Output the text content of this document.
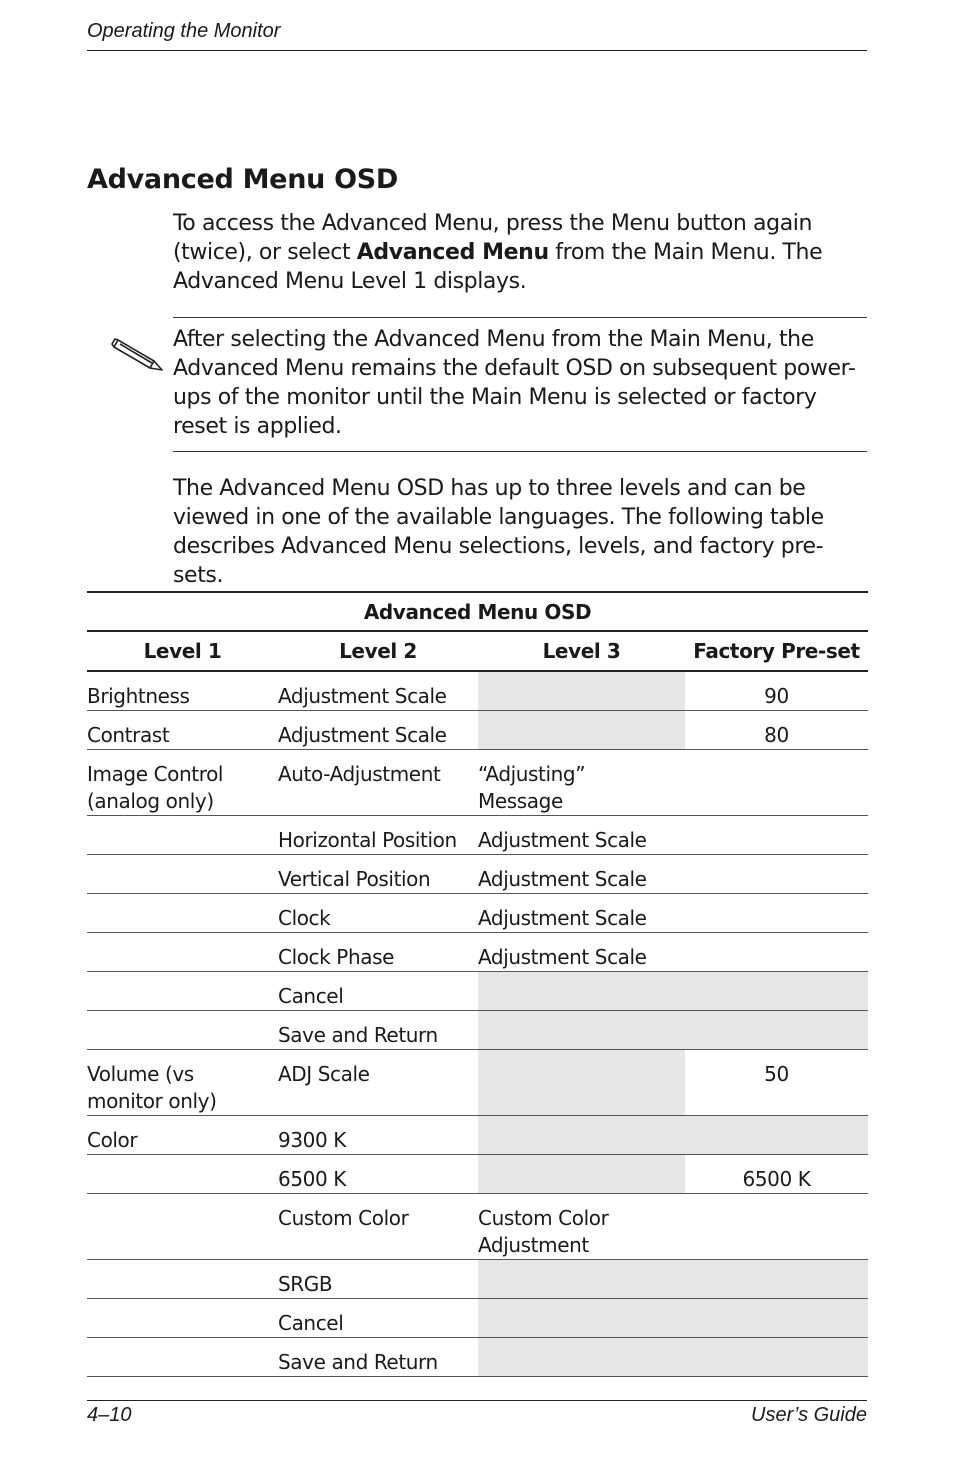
Operating the Monitor
Advanced Menu OSD

To access the Advanced Menu, press the Menu button again (twice), or select Advanced Menu from the Main Menu. The Advanced Menu Level 1 displays.

After selecting the Advanced Menu from the Main Menu, the Advanced Menu remains the default OSD on subsequent power-ups of the monitor until the Main Menu is selected or factory reset is applied.

The Advanced Menu OSD has up to three levels and can be viewed in one of the available languages. The following table describes Advanced Menu selections, levels, and factory pre-sets.

Advanced Menu OSD			
Level 1	Level 2	Level 3	Factory Pre-set
Brightness	Adjustment Scale		90
Contrast	Adjustment Scale		80
Image Control (analog only)	Auto-Adjustment	“Adjusting” Message	
	Horizontal Position	Adjustment Scale	
	Vertical Position	Adjustment Scale	
	Clock	Adjustment Scale	
	Clock Phase	Adjustment Scale	
	Cancel		
	Save and Return		
Volume (vs monitor only)	ADJ Scale		50
Color	9300 K		
	6500 K		6500 K
	Custom Color	Custom Color Adjustment	
	SRGB		
	Cancel		
	Save and Return		
4–10	User’s Guide
